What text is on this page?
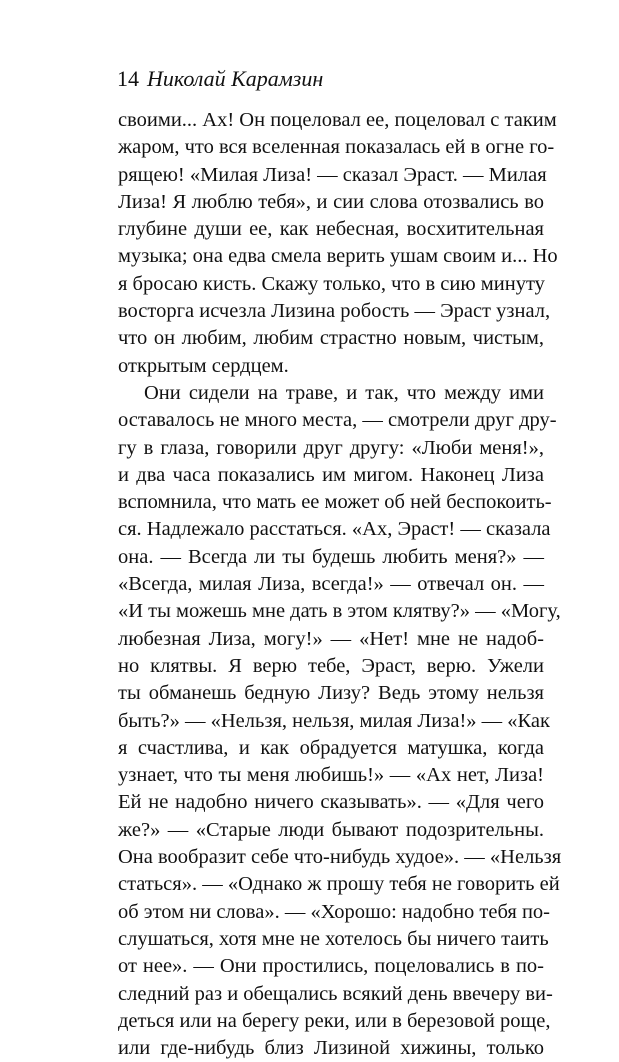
14 Николай Карамзин
своими... Ах! Он поцеловал ее, поцеловал с таким
жаром, что вся вселенная показалась ей в огне го-
рящею! «Милая Лиза! — сказал Эраст. — Милая
Лиза! Я люблю тебя», и сии слова отозвались во
глубине души ее, как небесная, восхитительная
музыка; она едва смела верить ушам своим и... Но
я бросаю кисть. Скажу только, что в сию минуту
восторга исчезла Лизина робость — Эраст узнал,
что он любим, любим страстно новым, чистым,
открытым сердцем.
Они сидели на траве, и так, что между ими
оставалось не много места, — смотрели друг дру-
гу в глаза, говорили друг другу: «Люби меня!»,
и два часа показались им мигом. Наконец Лиза
вспомнила, что мать ее может об ней беспокоить-
ся. Надлежало расстаться. «Ах, Эраст! — сказала
она. — Всегда ли ты будешь любить меня?» —
«Всегда, милая Лиза, всегда!» — отвечал он. —
«И ты можешь мне дать в этом клятву?» — «Могу,
любезная Лиза, могу!» — «Нет! мне не надоб-
но клятвы. Я верю тебе, Эраст, верю. Ужели
ты обманешь бедную Лизу? Ведь этому нельзя
быть?» — «Нельзя, нельзя, милая Лиза!» — «Как
я счастлива, и как обрадуется матушка, когда
узнает, что ты меня любишь!» — «Ах нет, Лиза!
Ей не надобно ничего сказывать». — «Для чего
же?» — «Старые люди бывают подозрительны.
Она вообразит себе что-нибудь худое». — «Нельзя
статься». — «Однако ж прошу тебя не говорить ей
об этом ни слова». — «Хорошо: надобно тебя по-
слушаться, хотя мне не хотелось бы ничего таить
от нее». — Они простились, поцеловались в по-
следний раз и обещались всякий день ввечеру ви-
деться или на берегу реки, или в березовой роще,
или где-нибудь близ Лизиной хижины, только
